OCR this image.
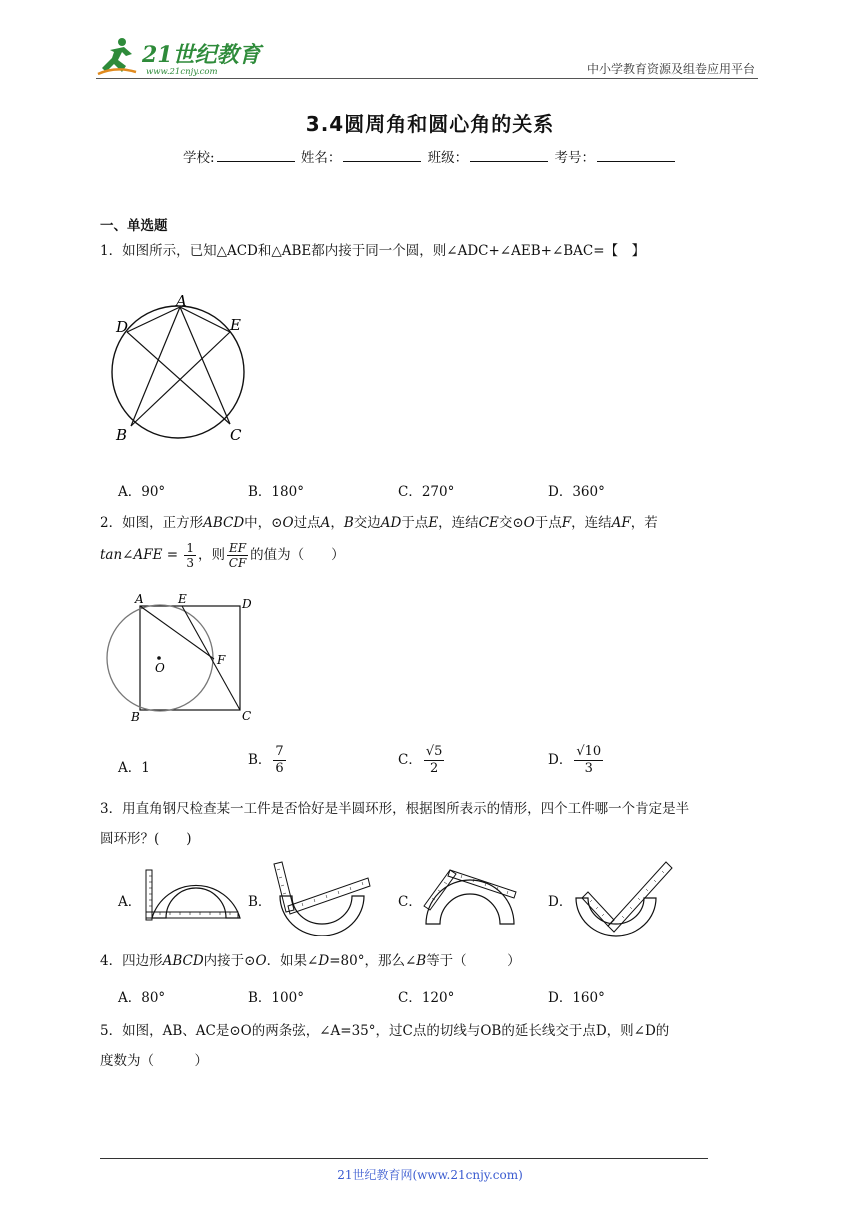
21世纪教育
www.21cnjy.com	中小学教育资源及组卷应用平台
3.4圆周角和圆心角的关系
学校:	姓名：	班级：	考号：
一、单选题
1．如图所示，已知△ACD和△ABE都内接于同一个圆，则∠ADC+∠AEB+∠BAC=【　】
A
D	E
B	C
A．90°	B．180°	C．270°	D．360°
2．如图，正方形ABCD中，⊙O过点A，B交边AD于点E，连结CE交⊙O于点F，连结AF，若
tan∠AFE = $\frac{1}{3}$ ，则 $\frac{EF}{CF}$ 的值为（　　）
A	E	D
O
F
B	C
A．1	B． $\frac{7}{6}$	C． $\frac{√5}{2}$	D． $\frac{√10}{3}$
3．用直角钢尺检查某一工件是否恰好是半圆环形，根据图所表示的情形，四个工件哪一个肯定是半
圆环形？(　　)
A．	B．	C．	D．
4．四边形ABCD内接于⊙O．如果∠D=80°，那么∠B等于（　　　）
A．80°	B．100°	C．120°	D．160°
5．如图，AB、AC是⊙O的两条弦，∠A=35°，过C点的切线与OB的延长线交于点D，则∠D的
度数为（　　　）
21世纪教育网(www.21cnjy.com)
